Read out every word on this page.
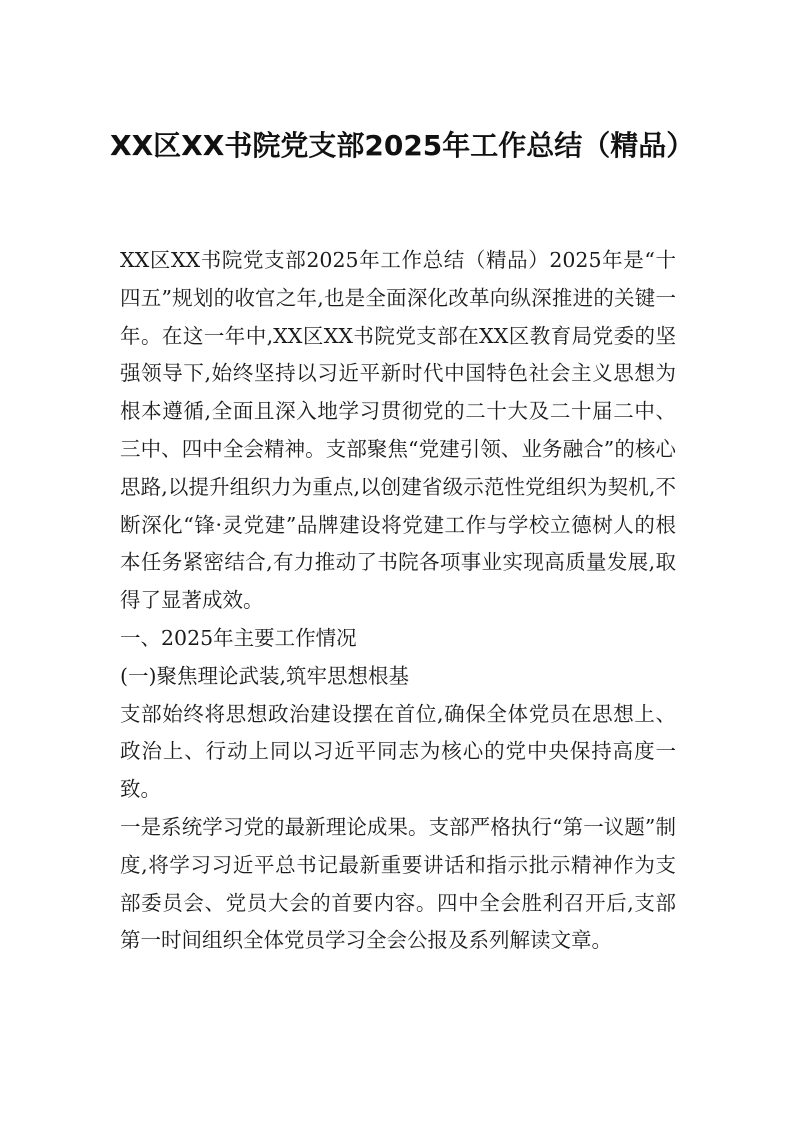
XX区XX书院党支部2025年工作总结（精品）

XX区XX书院党支部2025年工作总结（精品）2025年是“十四五”规划的收官之年,也是全面深化改革向纵深推进的关键一年。在这一年中,XX区XX书院党支部在XX区教育局党委的坚强领导下,始终坚持以习近平新时代中国特色社会主义思想为根本遵循,全面且深入地学习贯彻党的二十大及二十届二中、三中、四中全会精神。支部聚焦“党建引领、业务融合”的核心思路,以提升组织力为重点,以创建省级示范性党组织为契机,不断深化“锋·灵党建”品牌建设将党建工作与学校立德树人的根本任务紧密结合,有力推动了书院各项事业实现高质量发展,取得了显著成效。

一、2025年主要工作情况

(一)聚焦理论武装,筑牢思想根基

支部始终将思想政治建设摆在首位,确保全体党员在思想上、政治上、行动上同以习近平同志为核心的党中央保持高度一致。

一是系统学习党的最新理论成果。支部严格执行“第一议题”制度,将学习习近平总书记最新重要讲话和指示批示精神作为支部委员会、党员大会的首要内容。四中全会胜利召开后,支部第一时间组织全体党员学习全会公报及系列解读文章。
